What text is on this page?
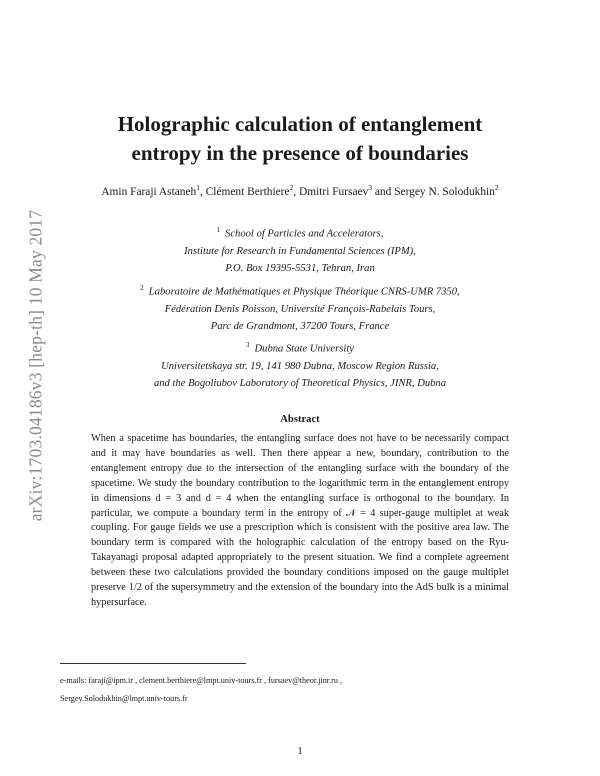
arXiv:1703.04186v3 [hep-th] 10 May 2017
Holographic calculation of entanglement
entropy in the presence of boundaries
Amin Faraji Astaneh$^1$, Clément Berthiere$^2$, Dmitri Fursaev$^3$ and Sergey N. Solodukhin$^2$
$^1$ School of Particles and Accelerators,
Institute for Research in Fundamental Sciences (IPM),
P.O. Box 19395-5531, Tehran, Iran
$^2$ Laboratoire de Mathématiques et Physique Théorique CNRS-UMR 7350,
Fédération Denis Poisson, Université François-Rabelais Tours,
Parc de Grandmont, 37200 Tours, France
$^3$ Dubna State University
Universitetskaya str. 19, 141 980 Dubna, Moscow Region Russia,
and the Bogoliubov Laboratory of Theoretical Physics, JINR, Dubna
Abstract

When a spacetime has boundaries, the entangling surface does not have to be necessarily compact and it may have boundaries as well. Then there appear a new, boundary, contribution to the entanglement entropy due to the intersection of the entangling surface with the boundary of the spacetime. We study the boundary contribution to the logarithmic term in the entanglement entropy in dimensions d = 3 and d = 4 when the entangling surface is orthogonal to the boundary. In particular, we compute a boundary term in the entropy of 𝒩 = 4 super-gauge multiplet at weak coupling. For gauge fields we use a prescription which is consistent with the positive area law. The boundary term is compared with the holographic calculation of the entropy based on the Ryu-Takayanagi proposal adapted appropriately to the present situation. We find a complete agreement between these two calculations provided the boundary conditions imposed on the gauge multiplet preserve 1/2 of the supersymmetry and the extension of the boundary into the AdS bulk is a minimal hypersurface.

e-mails: faraji@ipm.ir , clement.berthiere@lmpt.univ-tours.fr , fursaev@theor.jinr.ru ,
Sergey.Solodukhin@lmpt.univ-tours.fr
1
